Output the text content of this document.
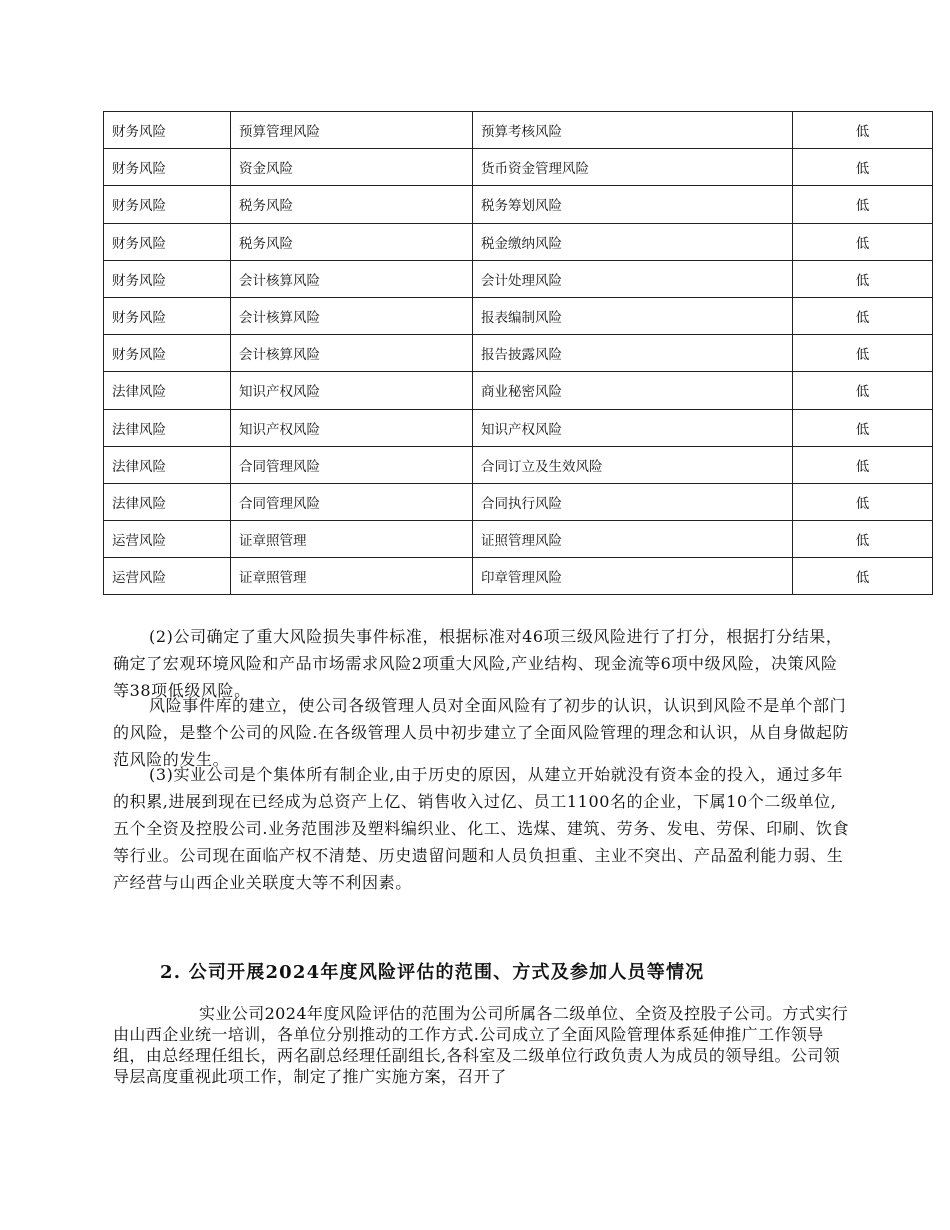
财务风险	预算管理风险	预算考核风险	低
财务风险	资金风险	货币资金管理风险	低
财务风险	税务风险	税务筹划风险	低
财务风险	税务风险	税金缴纳风险	低
财务风险	会计核算风险	会计处理风险	低
财务风险	会计核算风险	报表编制风险	低
财务风险	会计核算风险	报告披露风险	低
法律风险	知识产权风险	商业秘密风险	低
法律风险	知识产权风险	知识产权风险	低
法律风险	合同管理风险	合同订立及生效风险	低
法律风险	合同管理风险	合同执行风险	低
运营风险	证章照管理	证照管理风险	低
运营风险	证章照管理	印章管理风险	低

(2)公司确定了重大风险损失事件标准，根据标准对46项三级风险进行了打分，根据打分结果，确定了宏观环境风险和产品市场需求风险2项重大风险,产业结构、现金流等6项中级风险，决策风险等38项低级风险。

风险事件库的建立，使公司各级管理人员对全面风险有了初步的认识，认识到风险不是单个部门的风险，是整个公司的风险.在各级管理人员中初步建立了全面风险管理的理念和认识，从自身做起防范风险的发生。

(3)实业公司是个集体所有制企业,由于历史的原因，从建立开始就没有资本金的投入，通过多年的积累,进展到现在已经成为总资产上亿、销售收入过亿、员工1100名的企业，下属10个二级单位,五个全资及控股公司.业务范围涉及塑料编织业、化工、选煤、建筑、劳务、发电、劳保、印刷、饮食等行业。公司现在面临产权不清楚、历史遗留问题和人员负担重、主业不突出、产品盈利能力弱、生产经营与山西企业关联度大等不利因素。

2. 公司开展2024年度风险评估的范围、方式及参加人员等情况

实业公司2024年度风险评估的范围为公司所属各二级单位、全资及控股子公司。方式实行由山西企业统一培训，各单位分别推动的工作方式.公司成立了全面风险管理体系延伸推广工作领导组，由总经理任组长，两名副总经理任副组长,各科室及二级单位行政负责人为成员的领导组。公司领导层高度重视此项工作，制定了推广实施方案，召开了
